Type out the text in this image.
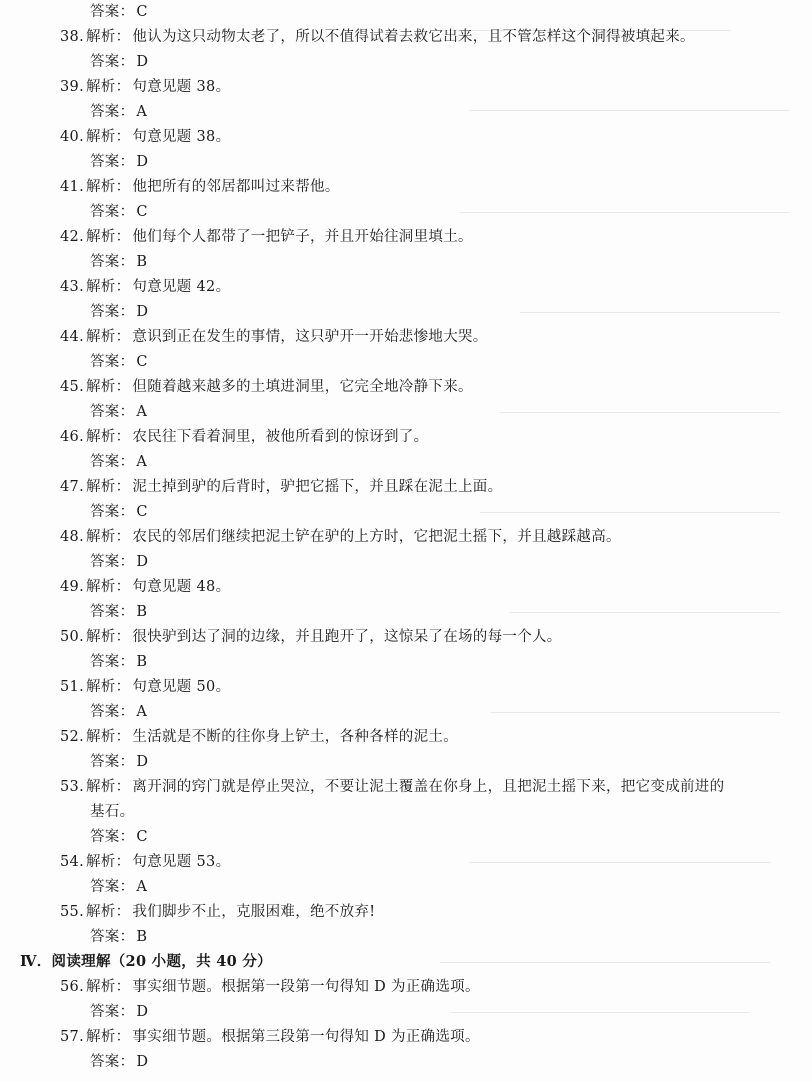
答案： C
38. 解析： 他认为这只动物太老了，所以不值得试着去救它出来，且不管怎样这个洞得被填起来。
答案： D
39. 解析： 句意见题 38。
答案： A
40. 解析： 句意见题 38。
答案： D
41. 解析： 他把所有的邻居都叫过来帮他。
答案： C
42. 解析： 他们每个人都带了一把铲子，并且开始往洞里填土。
答案： B
43. 解析： 句意见题 42。
答案： D
44. 解析： 意识到正在发生的事情，这只驴开一开始悲惨地大哭。
答案： C
45. 解析： 但随着越来越多的土填进洞里，它完全地冷静下来。
答案： A
46. 解析： 农民往下看着洞里，被他所看到的惊讶到了。
答案： A
47. 解析： 泥土掉到驴的后背时，驴把它摇下，并且踩在泥土上面。
答案： C
48. 解析： 农民的邻居们继续把泥土铲在驴的上方时，它把泥土摇下，并且越踩越高。
答案： D
49. 解析： 句意见题 48。
答案： B
50. 解析： 很快驴到达了洞的边缘，并且跑开了，这惊呆了在场的每一个人。
答案： B
51. 解析： 句意见题 50。
答案： A
52. 解析： 生活就是不断的往你身上铲土，各种各样的泥土。
答案： D
53. 解析： 离开洞的窍门就是停止哭泣，不要让泥土覆盖在你身上，且把泥土摇下来，把它变成前进的
基石。
答案： C
54. 解析： 句意见题 53。
答案： A
55. 解析： 我们脚步不止，克服困难，绝不放弃!
答案： B
Ⅳ．阅读理解（20 小题，共 40 分）
56. 解析： 事实细节题。根据第一段第一句得知 D 为正确选项。
答案： D
57. 解析： 事实细节题。根据第三段第一句得知 D 为正确选项。
答案： D
